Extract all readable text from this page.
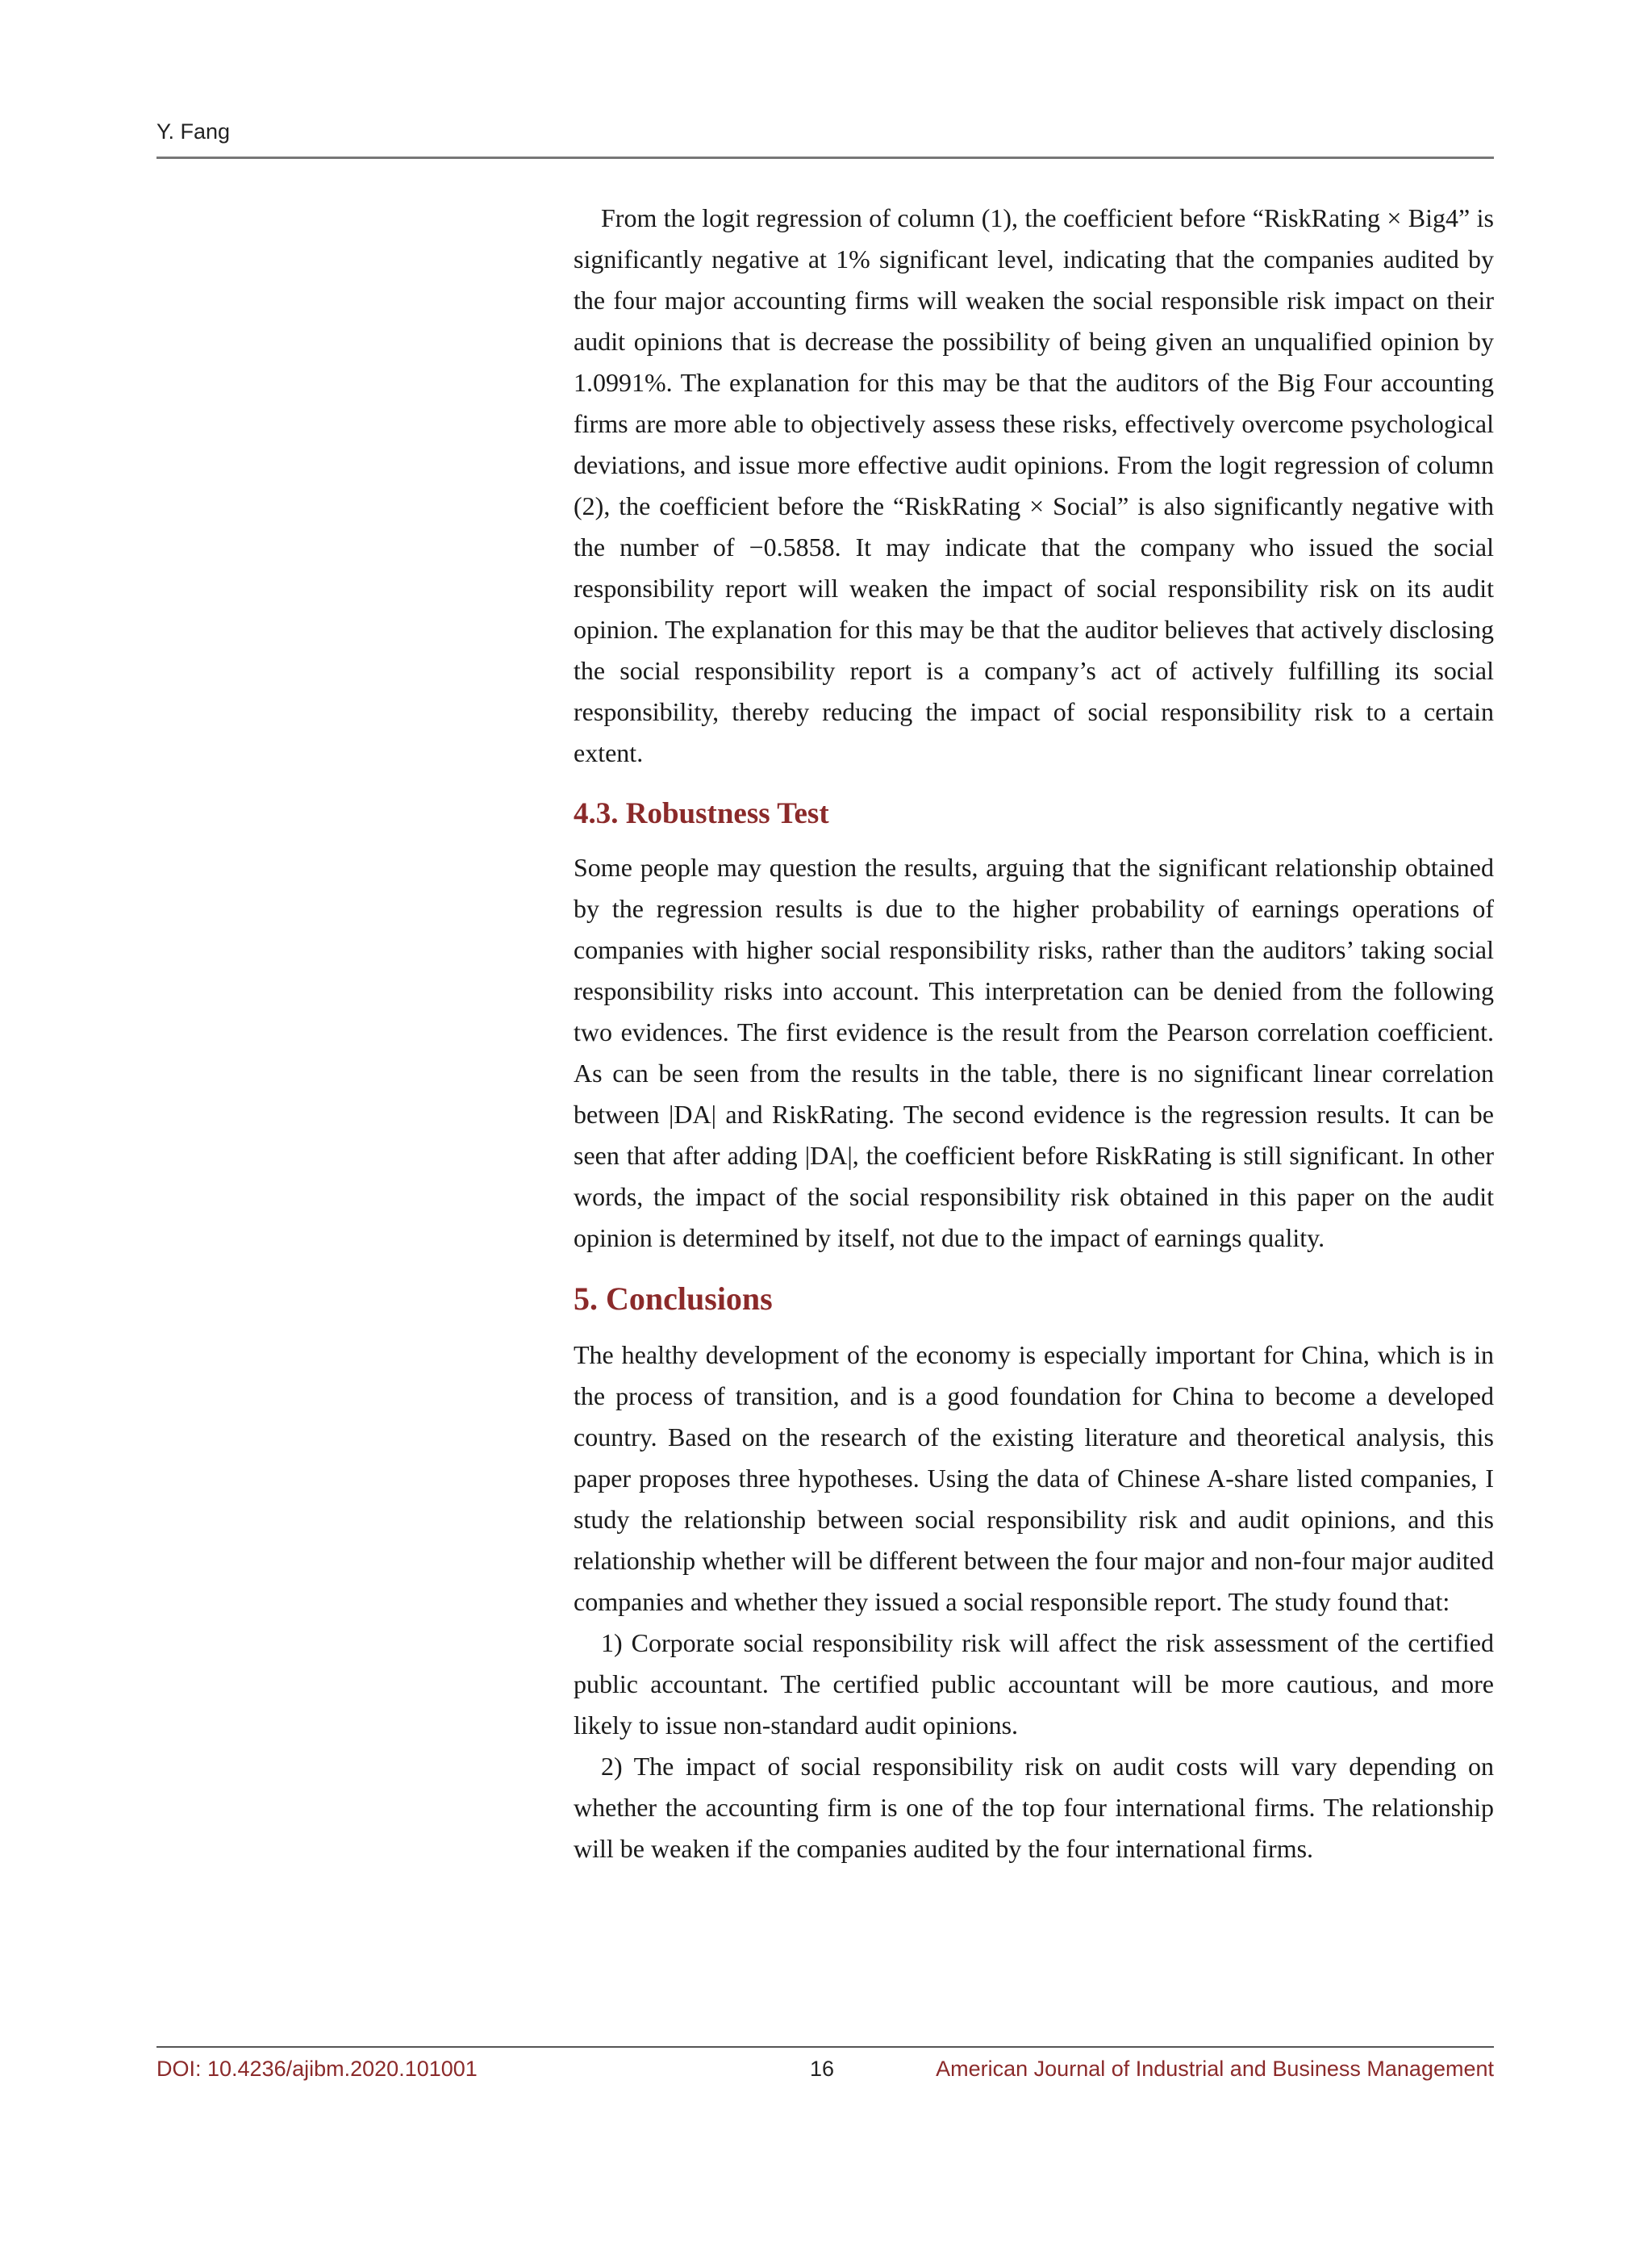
Y. Fang

From the logit regression of column (1), the coefficient before “RiskRating × Big4” is significantly negative at 1% significant level, indicating that the companies audited by the four major accounting firms will weaken the social responsible risk impact on their audit opinions that is decrease the possibility of being given an unqualified opinion by 1.0991%. The explanation for this may be that the auditors of the Big Four accounting firms are more able to objectively assess these risks, effectively overcome psychological deviations, and issue more effective audit opinions. From the logit regression of column (2), the coefficient before the “RiskRating × Social” is also significantly negative with the number of −0.5858. It may indicate that the company who issued the social responsibility report will weaken the impact of social responsibility risk on its audit opinion. The explanation for this may be that the auditor believes that actively disclosing the social responsibility report is a company’s act of actively fulfilling its social responsibility, thereby reducing the impact of social responsibility risk to a certain extent.

4.3. Robustness Test

Some people may question the results, arguing that the significant relationship obtained by the regression results is due to the higher probability of earnings operations of companies with higher social responsibility risks, rather than the auditors’ taking social responsibility risks into account. This interpretation can be denied from the following two evidences. The first evidence is the result from the Pearson correlation coefficient. As can be seen from the results in the table, there is no significant linear correlation between |DA| and RiskRating. The second evidence is the regression results. It can be seen that after adding |DA|, the coefficient before RiskRating is still significant. In other words, the impact of the social responsibility risk obtained in this paper on the audit opinion is determined by itself, not due to the impact of earnings quality.

5. Conclusions

The healthy development of the economy is especially important for China, which is in the process of transition, and is a good foundation for China to become a developed country. Based on the research of the existing literature and theoretical analysis, this paper proposes three hypotheses. Using the data of Chinese A-share listed companies, I study the relationship between social responsibility risk and audit opinions, and this relationship whether will be different between the four major and non-four major audited companies and whether they issued a social responsible report. The study found that:

1) Corporate social responsibility risk will affect the risk assessment of the certified public accountant. The certified public accountant will be more cautious, and more likely to issue non-standard audit opinions.

2) The impact of social responsibility risk on audit costs will vary depending on whether the accounting firm is one of the top four international firms. The relationship will be weaken if the companies audited by the four international firms.

DOI: 10.4236/ajibm.2020.101001	16	American Journal of Industrial and Business Management
